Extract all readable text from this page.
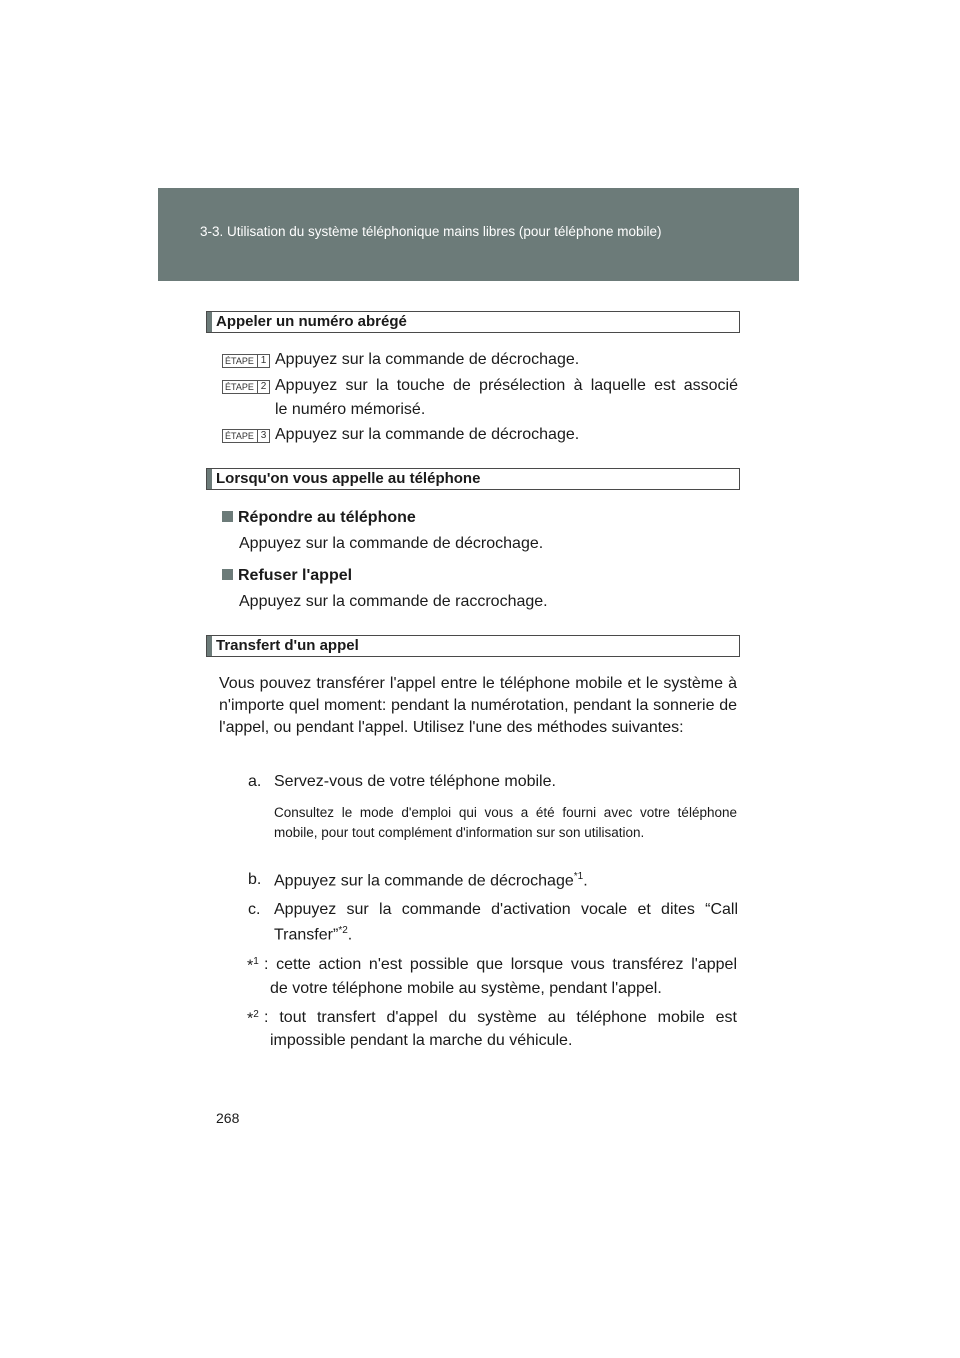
3-3. Utilisation du système téléphonique mains libres (pour téléphone mobile)
Appeler un numéro abrégé
ÉTAPE 1 Appuyez sur la commande de décrochage.
ÉTAPE 2 Appuyez sur la touche de présélection à laquelle est associé
le numéro mémorisé.
ÉTAPE 3 Appuyez sur la commande de décrochage.
Lorsqu'on vous appelle au téléphone
Répondre au téléphone
Appuyez sur la commande de décrochage.
Refuser l'appel
Appuyez sur la commande de raccrochage.
Transfert d'un appel
Vous pouvez transférer l'appel entre le téléphone mobile et le système à n'importe quel moment: pendant la numérotation, pendant la sonnerie de l'appel, ou pendant l'appel. Utilisez l'une des méthodes suivantes:
a. Servez-vous de votre téléphone mobile.
Consultez le mode d'emploi qui vous a été fourni avec votre téléphone mobile, pour tout complément d'information sur son utilisation.
b. Appuyez sur la commande de décrochage$^{*1}$.
c. Appuyez sur la commande d'activation vocale et dites “Call
Transfer”$^{*2}$.
*$^1$ : cette action n'est possible que lorsque vous transférez l'appel
de votre téléphone mobile au système, pendant l'appel.
*$^2$ : tout transfert d'appel du système au téléphone mobile est
impossible pendant la marche du véhicule.
268
